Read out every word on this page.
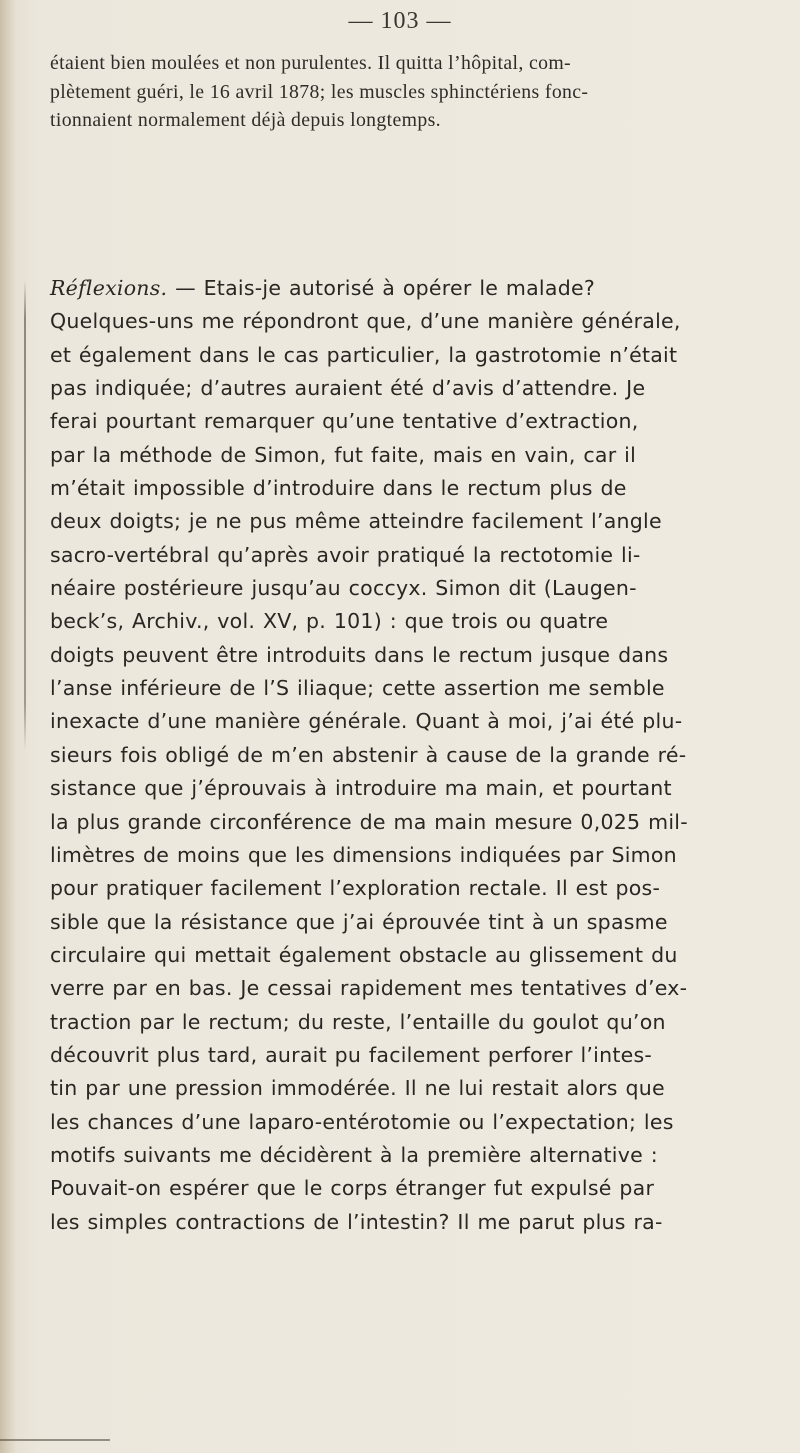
— 103 —
étaient bien moulées et non purulentes. Il quitta l’hôpital, com-
plètement guéri, le 16 avril 1878; les muscles sphinctériens fonc-
tionnaient normalement déjà depuis longtemps.
Réflexions. — Etais-je autorisé à opérer le malade?
Quelques-uns me répondront que, d’une manière générale,
et également dans le cas particulier, la gastrotomie n’était
pas indiquée; d’autres auraient été d’avis d’attendre. Je
ferai pourtant remarquer qu’une tentative d’extraction,
par la méthode de Simon, fut faite, mais en vain, car il
m’était impossible d’introduire dans le rectum plus de
deux doigts; je ne pus même atteindre facilement l’angle
sacro-vertébral qu’après avoir pratiqué la rectotomie li-
néaire postérieure jusqu’au coccyx. Simon dit (Laugen-
beck’s, Archiv., vol. XV, p. 101) : que trois ou quatre
doigts peuvent être introduits dans le rectum jusque dans
l’anse inférieure de l’S iliaque; cette assertion me semble
inexacte d’une manière générale. Quant à moi, j’ai été plu-
sieurs fois obligé de m’en abstenir à cause de la grande ré-
sistance que j’éprouvais à introduire ma main, et pourtant
la plus grande circonférence de ma main mesure 0,025 mil-
limètres de moins que les dimensions indiquées par Simon
pour pratiquer facilement l’exploration rectale. Il est pos-
sible que la résistance que j’ai éprouvée tint à un spasme
circulaire qui mettait également obstacle au glissement du
verre par en bas. Je cessai rapidement mes tentatives d’ex-
traction par le rectum; du reste, l’entaille du goulot qu’on
découvrit plus tard, aurait pu facilement perforer l’intes-
tin par une pression immodérée. Il ne lui restait alors que
les chances d’une laparo-entérotomie ou l’expectation; les
motifs suivants me décidèrent à la première alternative :
Pouvait-on espérer que le corps étranger fut expulsé par
les simples contractions de l’intestin? Il me parut plus ra-
